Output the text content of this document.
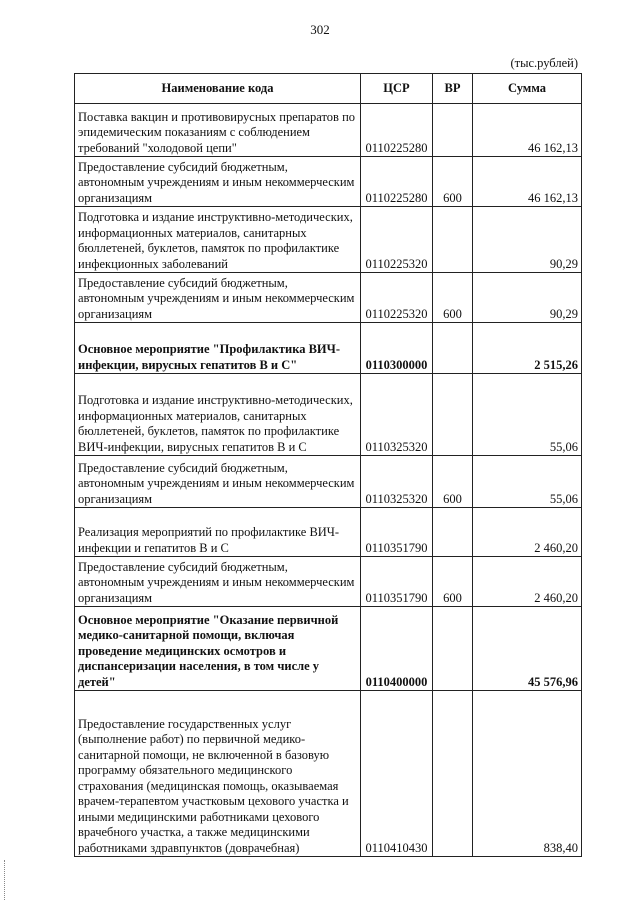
302
(тыс.рублей)
Наименование кода	ЦСР	ВР	Сумма
Поставка вакцин и противовирусных препаратов по эпидемическим показаниям с соблюдением требований "холодовой цепи"	0110225280		46 162,13
Предоставление субсидий бюджетным, автономным учреждениям и иным некоммерческим организациям	0110225280	600	46 162,13
Подготовка и издание инструктивно-методических, информационных материалов, санитарных бюллетеней, буклетов, памяток по профилактике инфекционных заболеваний	0110225320		90,29
Предоставление субсидий бюджетным, автономным учреждениям и иным некоммерческим организациям	0110225320	600	90,29
Основное мероприятие "Профилактика ВИЧ-инфекции, вирусных гепатитов В и С"	0110300000		2 515,26
Подготовка и издание инструктивно-методических, информационных материалов, санитарных бюллетеней, буклетов, памяток по профилактике ВИЧ-инфекции, вирусных гепатитов В и С	0110325320		55,06
Предоставление субсидий бюджетным, автономным учреждениям и иным некоммерческим организациям	0110325320	600	55,06
Реализация мероприятий по профилактике ВИЧ-инфекции и гепатитов В и С	0110351790		2 460,20
Предоставление субсидий бюджетным, автономным учреждениям и иным некоммерческим организациям	0110351790	600	2 460,20
Основное мероприятие "Оказание первичной медико-санитарной помощи, включая проведение медицинских осмотров и диспансеризации населения, в том числе у детей"	0110400000		45 576,96
Предоставление государственных услуг (выполнение работ) по первичной медико-санитарной помощи, не включенной в базовую программу обязательного медицинского страхования (медицинская помощь, оказываемая врачем-терапевтом участковым цехового участка и иными медицинскими работниками цехового врачебного участка, а также медицинскими работниками здравпунктов (доврачебная)	0110410430		838,40
